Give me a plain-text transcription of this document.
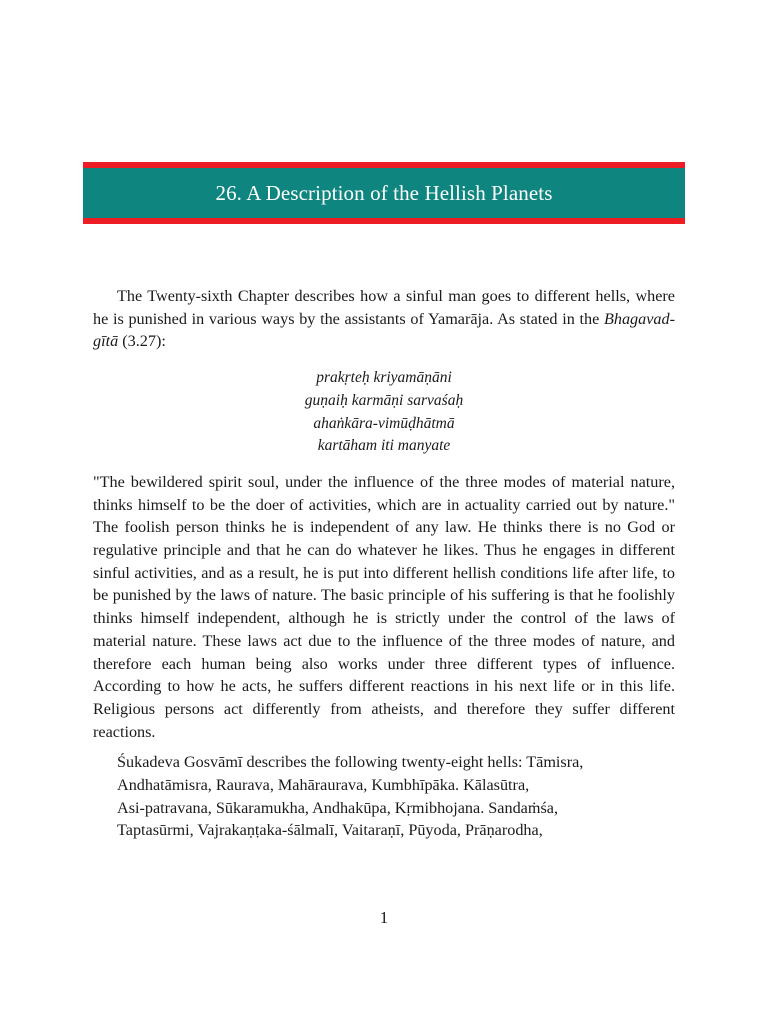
26. A Description of the Hellish Planets

The Twenty-sixth Chapter describes how a sinful man goes to different hells, where he is punished in various ways by the assistants of Yamarāja. As stated in the Bhagavad-gītā (3.27):

prakṛteḥ kriyamāṇāni
guṇaiḥ karmāṇi sarvaśaḥ
ahaṅkāra-vimūḍhātmā
kartāham iti manyate

"The bewildered spirit soul, under the influence of the three modes of material nature, thinks himself to be the doer of activities, which are in actuality carried out by nature." The foolish person thinks he is independent of any law. He thinks there is no God or regulative principle and that he can do whatever he likes. Thus he engages in different sinful activities, and as a result, he is put into different hellish conditions life after life, to be punished by the laws of nature. The basic principle of his suffering is that he foolishly thinks himself independent, although he is strictly under the control of the laws of material nature. These laws act due to the influence of the three modes of nature, and therefore each human being also works under three different types of influence. According to how he acts, he suffers different reactions in his next life or in this life. Religious persons act differently from atheists, and therefore they suffer different reactions.

Śukadeva Gosvāmī describes the following twenty-eight hells: Tāmisra,
Andhatāmisra, Raurava, Mahāraurava, Kumbhīpāka. Kālasūtra,
Asi-patravana, Sūkaramukha, Andhakūpa, Kṛmibhojana. Sandaṁśa,
Taptasūrmi, Vajrakaṇṭaka-śālmalī, Vaitaraṇī, Pūyoda, Prāṇarodha,

1
